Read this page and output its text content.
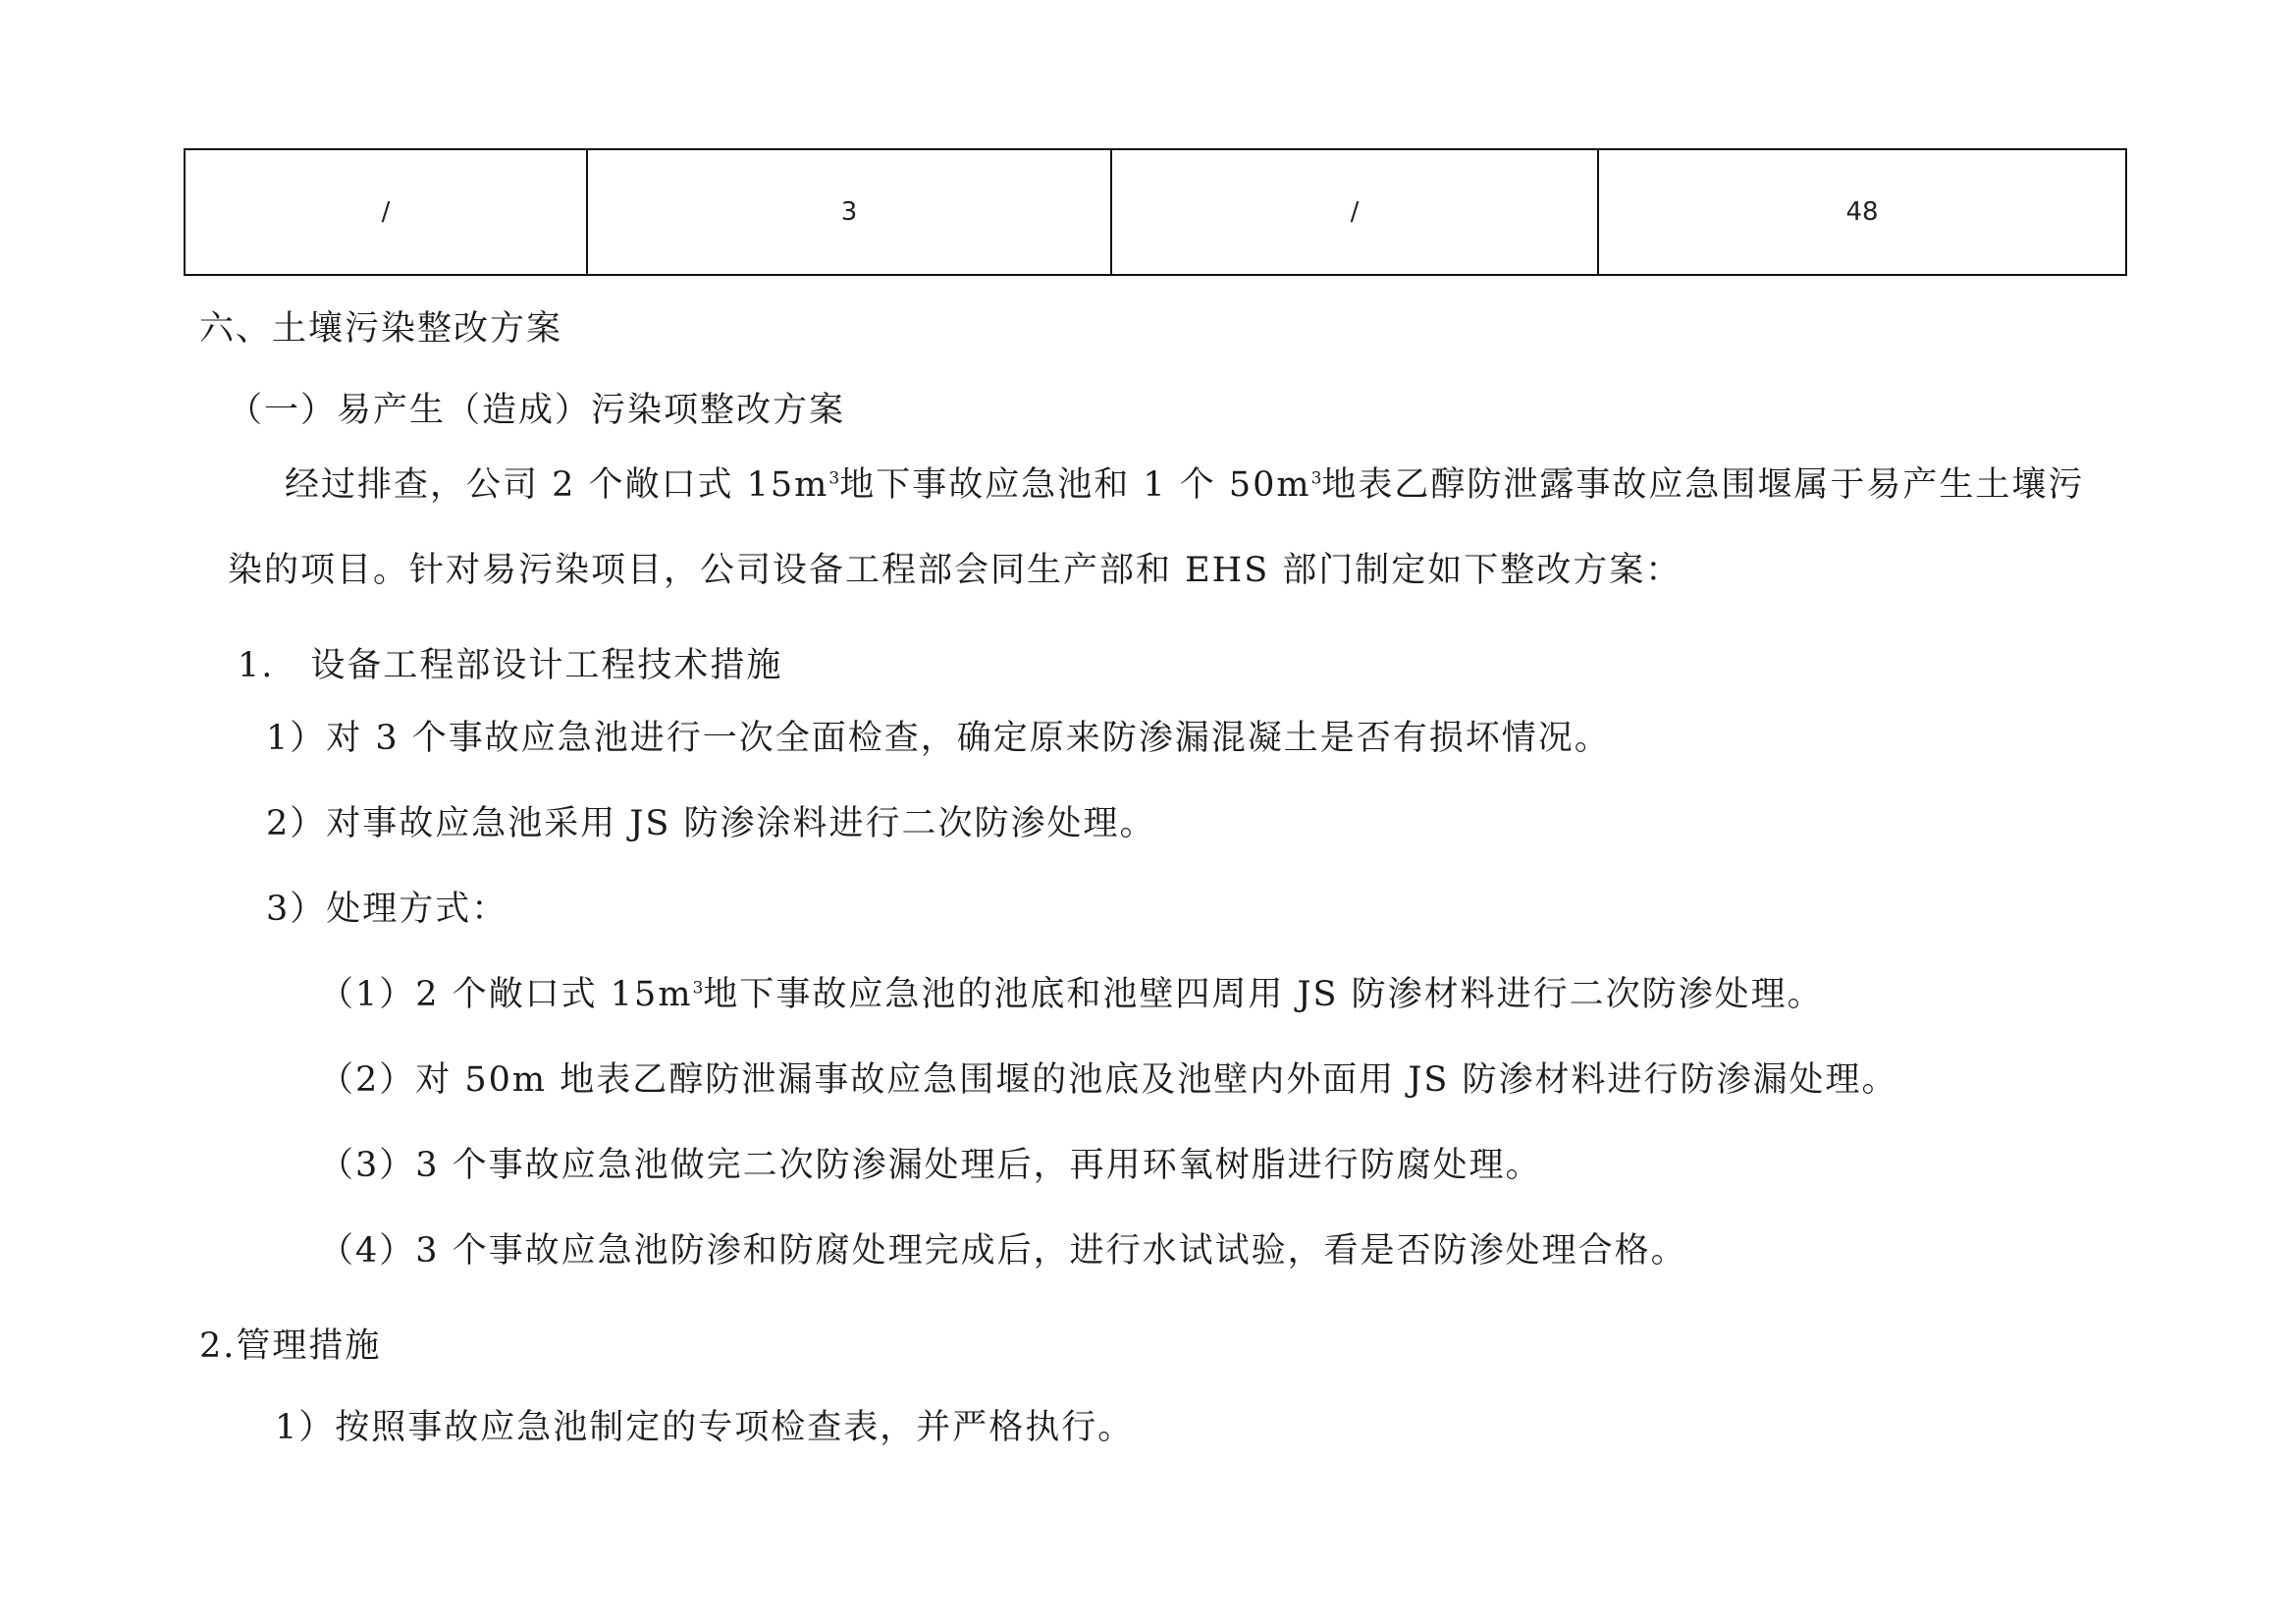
/	3	/	48
六、土壤污染整改方案
（一）易产生（造成）污染项整改方案
经过排查，公司 2 个敞口式 $15m^3$地下事故应急池和 1 个 $50m^3$地表乙醇防泄露事故应急围堰属于易产生土壤污
染的项目。针对易污染项目，公司设备工程部会同生产部和 EHS 部门制定如下整改方案：
1.　设备工程部设计工程技术措施
1）对 3 个事故应急池进行一次全面检查，确定原来防渗漏混凝土是否有损坏情况。
2）对事故应急池采用 JS 防渗涂料进行二次防渗处理。
3）处理方式：
（1）2 个敞口式 $15m^3$地下事故应急池的池底和池壁四周用 JS 防渗材料进行二次防渗处理。
（2）对 50m 地表乙醇防泄漏事故应急围堰的池底及池壁内外面用 JS 防渗材料进行防渗漏处理。
（3）3 个事故应急池做完二次防渗漏处理后，再用环氧树脂进行防腐处理。
（4）3 个事故应急池防渗和防腐处理完成后，进行水试试验，看是否防渗处理合格。
2.管理措施
1）按照事故应急池制定的专项检查表，并严格执行。
